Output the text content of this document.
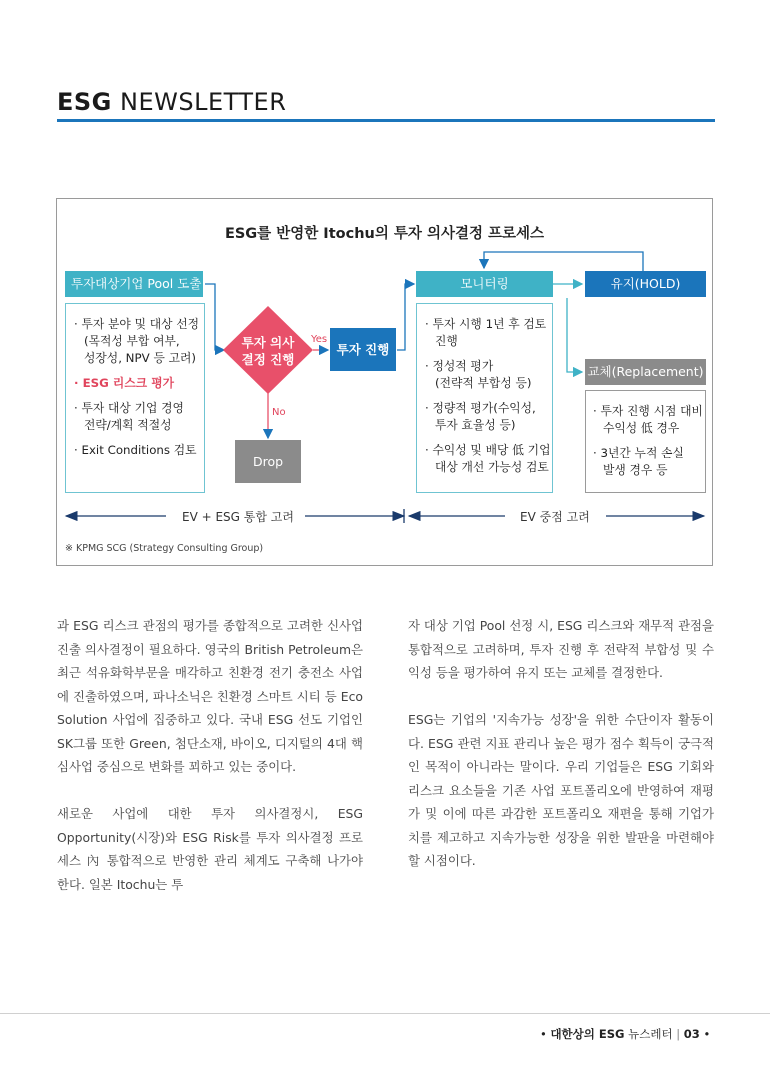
ESG NEWSLETTER
ESG를 반영한 Itochu의 투자 의사결정 프로세스
투자대상기업 Pool 도출
· 투자 분야 및 대상 선정
(목적성 부합 여부,
성장성, NPV 등 고려)
· ESG 리스크 평가
· 투자 대상 기업 경영
전략/계획 적절성
· Exit Conditions 검토
투자 의사
결정 진행
Yes
No
투자 진행
Drop
모니터링
· 투자 시행 1년 후 검토
진행
· 정성적 평가
(전략적 부합성 등)
· 정량적 평가(수익성,
투자 효율성 등)
· 수익성 및 배당 低 기업
대상 개선 가능성 검토
유지(HOLD)
교체(Replacement)
· 투자 진행 시점 대비
수익성 低 경우
· 3년간 누적 손실
발생 경우 등
EV + ESG 통합 고려	EV 중점 고려
※ KPMG SCG (Strategy Consulting Group)

과 ESG 리스크 관점의 평가를 종합적으로 고려한 신사업 진출 의사결정이 필요하다. 영국의 British Petroleum은 최근 석유화학부문을 매각하고 친환경 전기 충전소 사업에 진출하였으며, 파나소닉은 친환경 스마트 시티 등 Eco Solution 사업에 집중하고 있다. 국내 ESG 선도 기업인 SK그룹 또한 Green, 첨단소재, 바이오, 디지털의 4대 핵심사업 중심으로 변화를 꾀하고 있는 중이다.

새로운 사업에 대한 투자 의사결정시, ESG Opportunity(시장)와 ESG Risk를 투자 의사결정 프로세스 內 통합적으로 반영한 관리 체계도 구축해 나가야 한다. 일본 Itochu는 투

자 대상 기업 Pool 선정 시, ESG 리스크와 재무적 관점을 통합적으로 고려하며, 투자 진행 후 전략적 부합성 및 수익성 등을 평가하여 유지 또는 교체를 결정한다.

ESG는 기업의 '지속가능 성장'을 위한 수단이자 활동이다. ESG 관련 지표 관리나 높은 평가 점수 획득이 궁극적인 목적이 아니라는 말이다. 우리 기업들은 ESG 기회와 리스크 요소들을 기존 사업 포트폴리오에 반영하여 재평가 및 이에 따른 과감한 포트폴리오 재편을 통해 기업가치를 제고하고 지속가능한 성장을 위한 발판을 마련해야 할 시점이다.

• 대한상의 ESG 뉴스레터 | 03 •
